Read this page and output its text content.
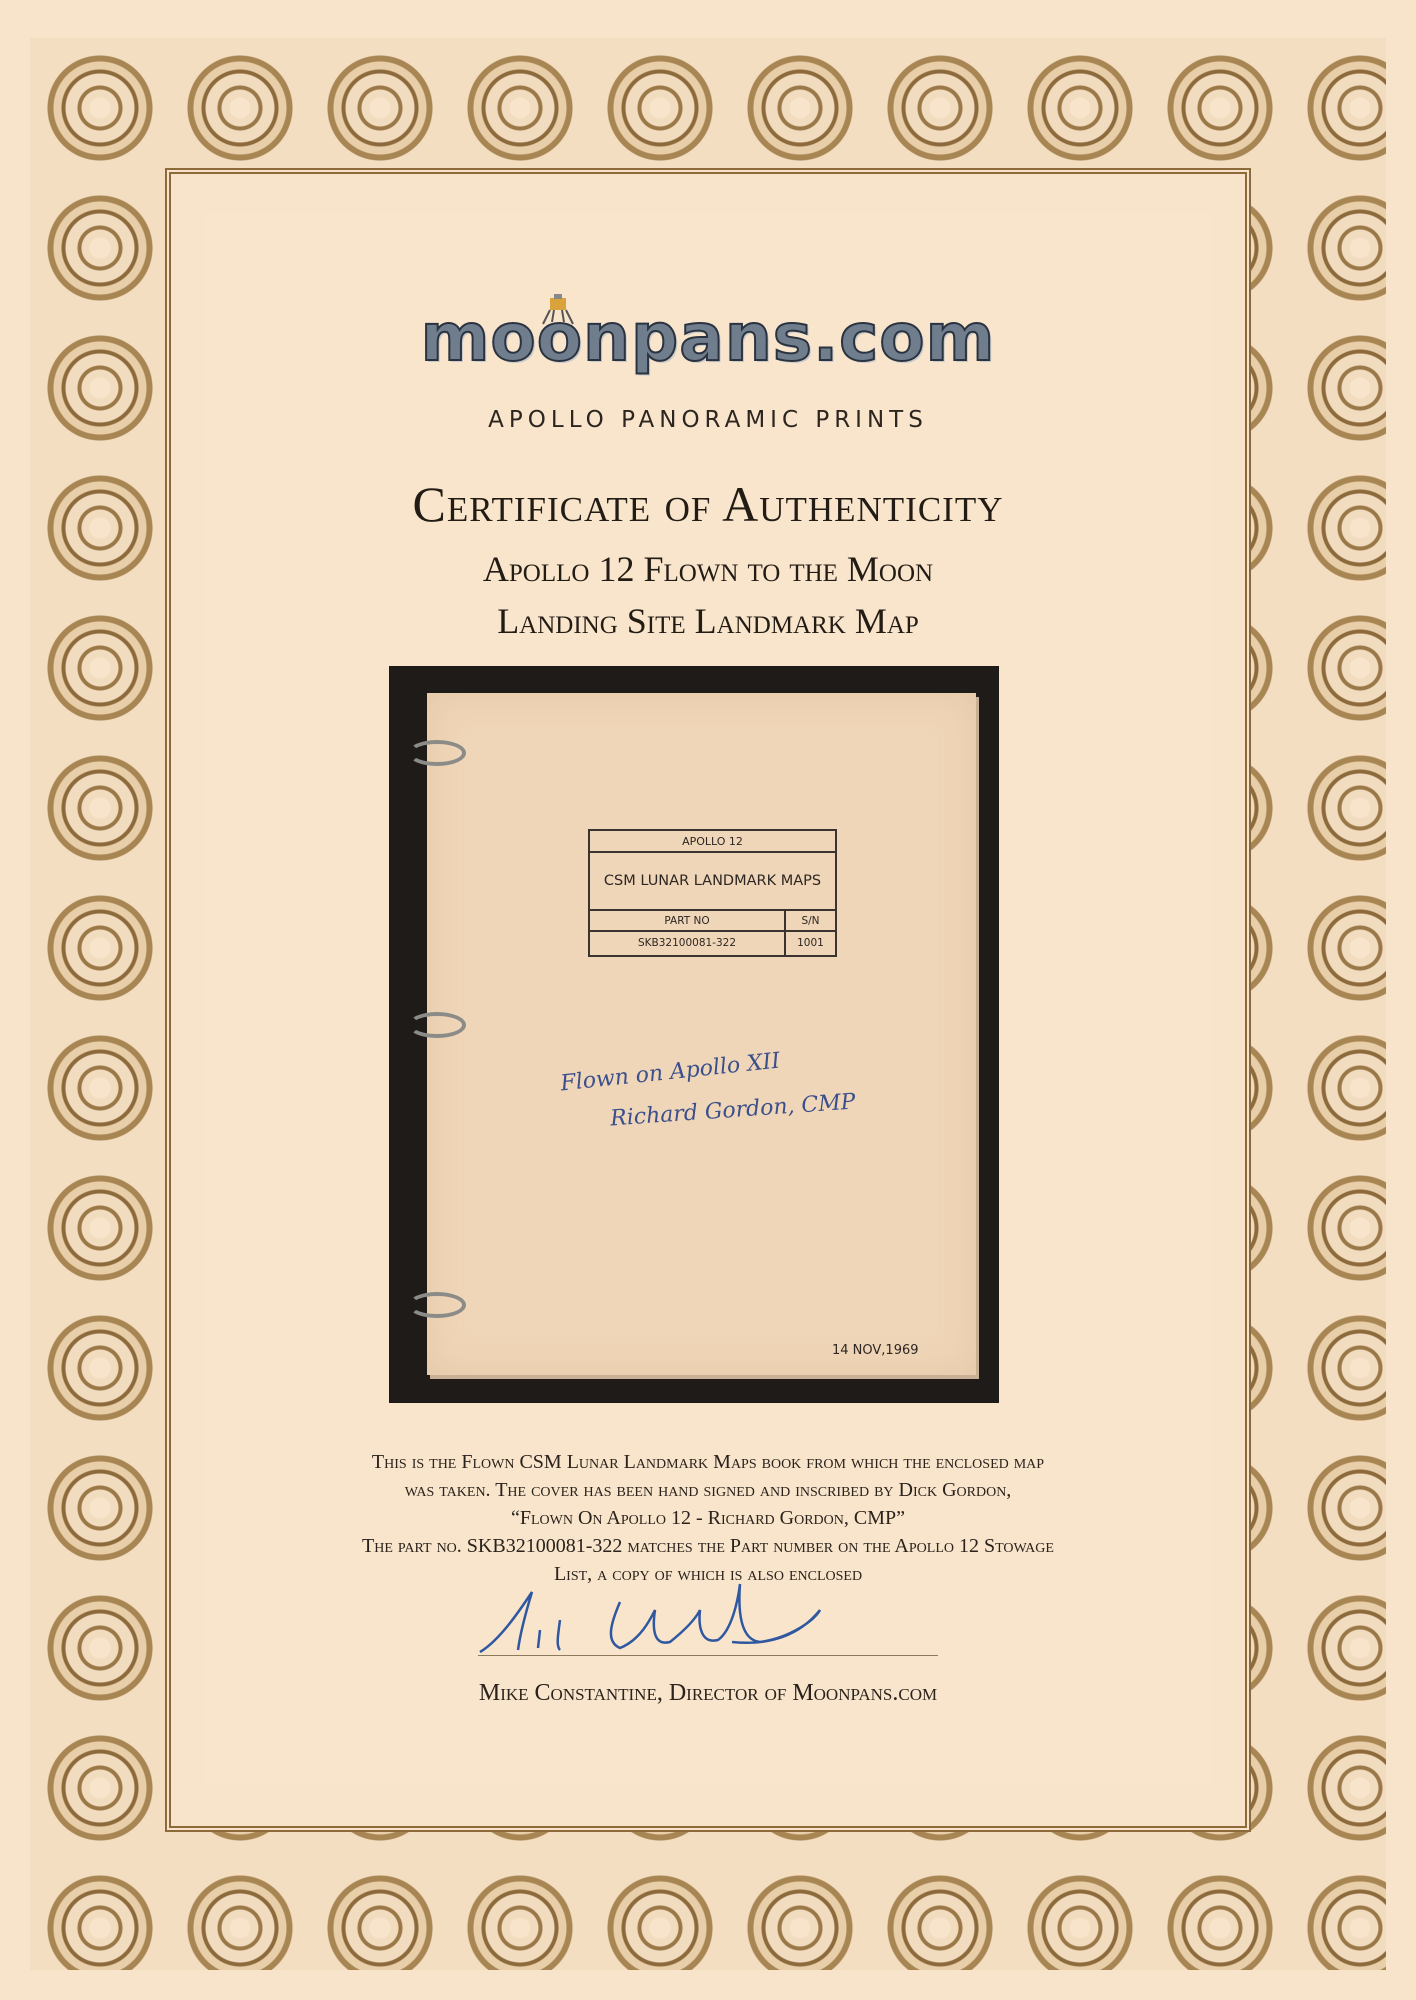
moonpans.com
APOLLO PANORAMIC PRINTS
Certificate of Authenticity
Apollo 12 Flown to the Moon
Landing Site Landmark Map
APOLLO 12
CSM LUNAR LANDMARK MAPS
PART NO	S/N
SKB32100081-322	1001
Flown on Apollo XII
Richard Gordon, CMP
14 NOV,1969
This is the Flown CSM Lunar Landmark Maps book from which the enclosed map
was taken. The cover has been hand signed and inscribed by Dick Gordon,
“Flown On Apollo 12 - Richard Gordon, CMP”
The part no. SKB32100081-322 matches the Part number on the Apollo 12 Stowage
List, a copy of which is also enclosed
Mike Constantine, Director of Moonpans.com
